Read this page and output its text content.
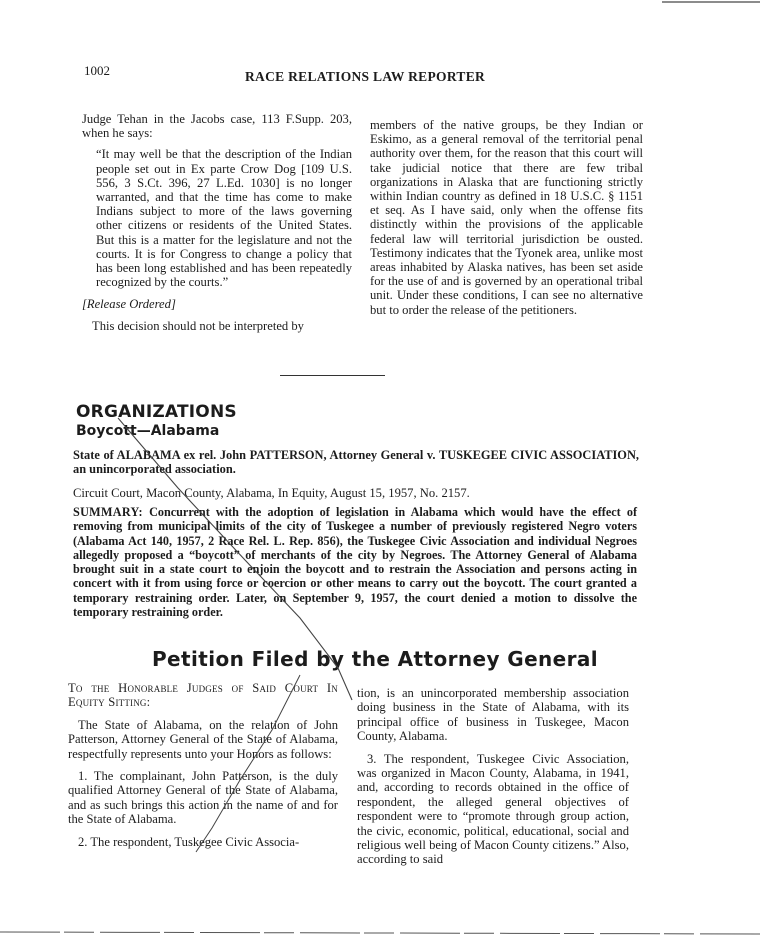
1002	RACE RELATIONS LAW REPORTER

Judge Tehan in the Jacobs case, 113 F.Supp. 203, when he says:

“It may well be that the description of the Indian people set out in Ex parte Crow Dog [109 U.S. 556, 3 S.Ct. 396, 27 L.Ed. 1030] is no longer warranted, and that the time has come to make Indians subject to more of the laws governing other citizens or residents of the United States. But this is a matter for the legislature and not the courts. It is for Congress to change a policy that has been long established and has been repeatedly recognized by the courts.”

[Release Ordered]

This decision should not be interpreted by

members of the native groups, be they Indian or Eskimo, as a general removal of the territorial penal authority over them, for the reason that this court will take judicial notice that there are few tribal organizations in Alaska that are functioning strictly within Indian country as defined in 18 U.S.C. § 1151 et seq. As I have said, only when the offense fits distinctly within the provisions of the applicable federal law will territorial jurisdiction be ousted. Testimony indicates that the Tyonek area, unlike most areas inhabited by Alaska natives, has been set aside for the use of and is governed by an operational tribal unit. Under these conditions, I can see no alternative but to order the release of the petitioners.

ORGANIZATIONS
Boycott—Alabama
State of ALABAMA ex rel. John PATTERSON, Attorney General v. TUSKEGEE CIVIC ASSOCIATION, an unincorporated association.
Circuit Court, Macon County, Alabama, In Equity, August 15, 1957, No. 2157.
SUMMARY: Concurrent with the adoption of legislation in Alabama which would have the effect of removing from municipal limits of the city of Tuskegee a number of previously registered Negro voters (Alabama Act 140, 1957, 2 Race Rel. L. Rep. 856), the Tuskegee Civic Association and individual Negroes allegedly proposed a “boycott” of merchants of the city by Negroes. The Attorney General of Alabama brought suit in a state court to enjoin the boycott and to restrain the Association and persons acting in concert with it from using force or coercion or other means to carry out the boycott. The court granted a temporary restraining order. Later, on September 9, 1957, the court denied a motion to dissolve the temporary restraining order.
Petition Filed by the Attorney General

To the Honorable Judges of Said Court In Equity Sitting:

The State of Alabama, on the relation of John Patterson, Attorney General of the State of Alabama, respectfully represents unto your Honors as follows:

1. The complainant, John Patterson, is the duly qualified Attorney General of the State of Alabama, and as such brings this action in the name of and for the State of Alabama.

2. The respondent, Tuskegee Civic Associa-

tion, is an unincorporated membership association doing business in the State of Alabama, with its principal office of business in Tuskegee, Macon County, Alabama.

3. The respondent, Tuskegee Civic Association, was organized in Macon County, Alabama, in 1941, and, according to records obtained in the office of respondent, the alleged general objectives of respondent were to “promote through group action, the civic, economic, political, educational, social and religious well being of Macon County citizens.” Also, according to said
